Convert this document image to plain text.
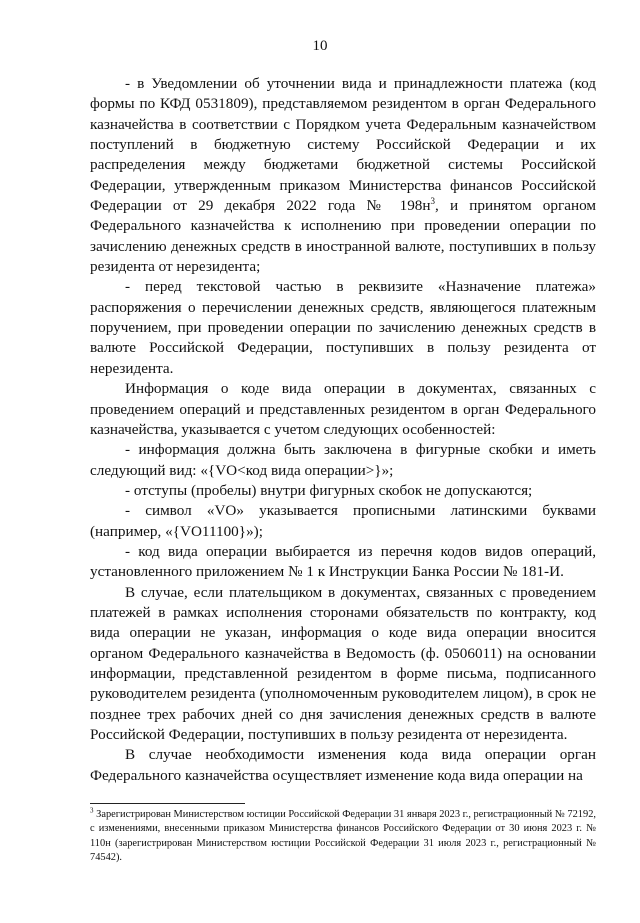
10

- в Уведомлении об уточнении вида и принадлежности платежа (код формы по КФД 0531809), представляемом резидентом в орган Федерального казначейства в соответствии с Порядком учета Федеральным казначейством поступлений в бюджетную систему Российской Федерации и их распределения между бюджетами бюджетной системы Российской Федерации, утвержденным приказом Министерства финансов Российской Федерации от 29 декабря 2022 года № $198н^3$, и принятом органом Федерального казначейства к исполнению при проведении операции по зачислению денежных средств в иностранной валюте, поступивших в пользу резидента от нерезидента;

- перед текстовой частью в реквизите «Назначение платежа» распоряжения о перечислении денежных средств, являющегося платежным поручением, при проведении операции по зачислению денежных средств в валюте Российской Федерации, поступивших в пользу резидента от нерезидента.

Информация о коде вида операции в документах, связанных с проведением операций и представленных резидентом в орган Федерального казначейства, указывается с учетом следующих особенностей:

- информация должна быть заключена в фигурные скобки и иметь следующий вид: «{VO<код вида операции>}»;

- отступы (пробелы) внутри фигурных скобок не допускаются;

- символ «VO» указывается прописными латинскими буквами (например, «{VO11100}»);

- код вида операции выбирается из перечня кодов видов операций, установленного приложением № 1 к Инструкции Банка России № 181-И.

В случае, если плательщиком в документах, связанных с проведением платежей в рамках исполнения сторонами обязательств по контракту, код вида операции не указан, информация о коде вида операции вносится органом Федерального казначейства в Ведомость (ф. 0506011) на основании информации, представленной резидентом в форме письма, подписанного руководителем резидента (уполномоченным руководителем лицом), в срок не позднее трех рабочих дней со дня зачисления денежных средств в валюте Российской Федерации, поступивших в пользу резидента от нерезидента.

В случае необходимости изменения кода вида операции орган Федерального казначейства осуществляет изменение кода вида операции на

$^3$ Зарегистрирован Министерством юстиции Российской Федерации 31 января 2023 г., регистрационный № 72192, с изменениями, внесенными приказом Министерства финансов Российского Федерации от 30 июня 2023 г. № 110н (зарегистрирован Министерством юстиции Российской Федерации 31 июля 2023 г., регистрационный № 74542).
